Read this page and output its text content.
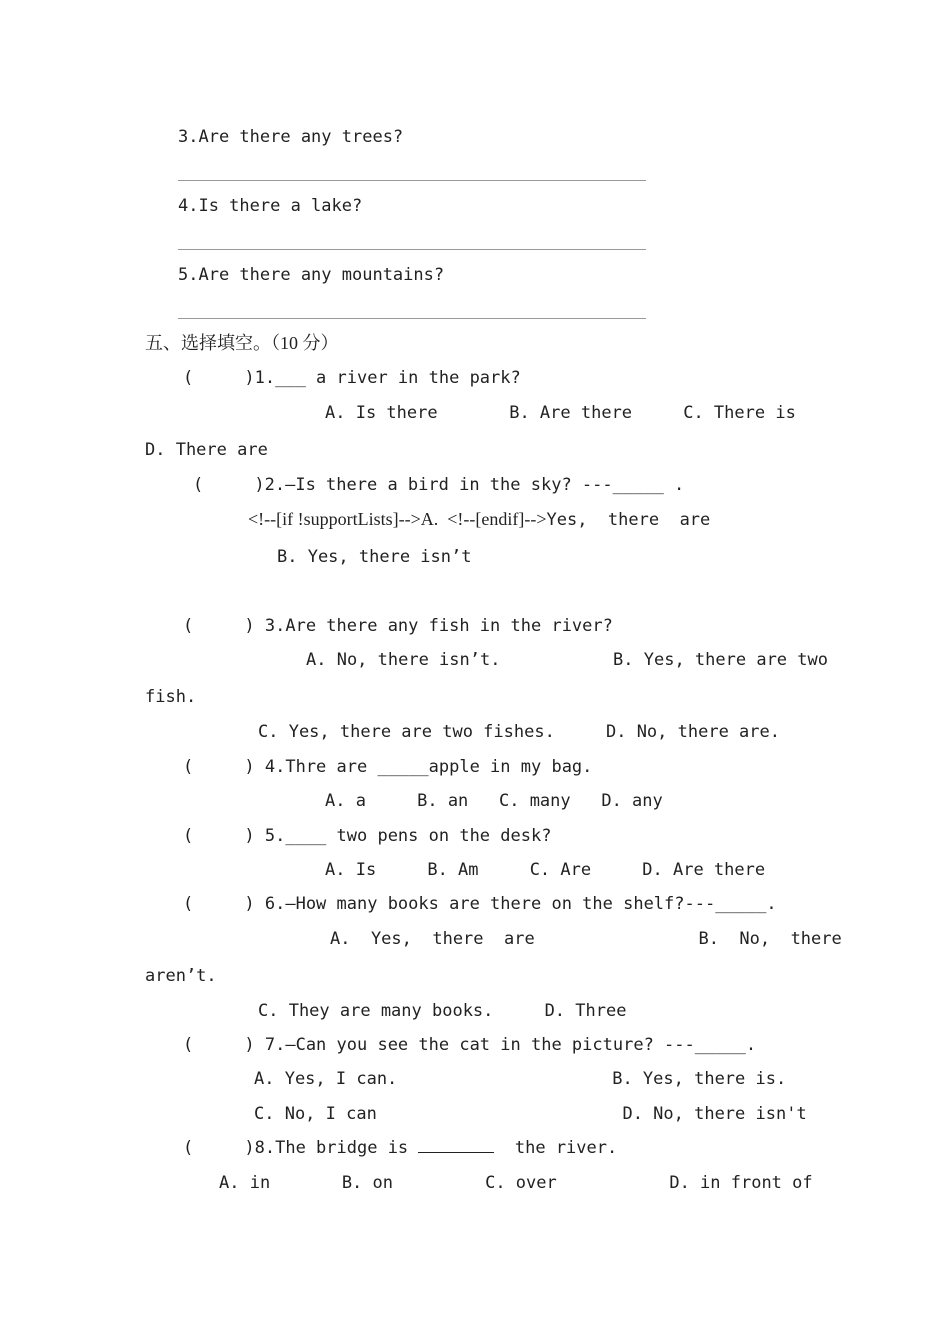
3.Are there any trees?
4.Is there a lake?
5.Are there any mountains?
五、选择填空。（10 分）
(     )1.___ a river in the park?
A. Is there       B. Are there     C. There is
D. There are
(     )2.—Is there a bird in the sky? ---_____ .
<!--[if !supportLists]-->A.  <!--[endif]-->Yes,  there  are
B. Yes, there isn’t
(     ) 3.Are there any fish in the river?
A. No, there isn’t.           B. Yes, there are two
fish.
C. Yes, there are two fishes.     D. No, there are.
(     ) 4.Thre are _____apple in my bag.
A. a     B. an   C. many   D. any
(     ) 5.____ two pens on the desk?
A. Is     B. Am     C. Are     D. Are there
(     ) 6.—How many books are there on the shelf?---_____.
A.  Yes,  there  are                B.  No,  there
aren’t.
C. They are many books.     D. Three
(     ) 7.—Can you see the cat in the picture? ---_____.
A. Yes, I can.                     B. Yes, there is.
C. No, I can                        D. No, there isn't
(     )8.The bridge is	the river.
A. in       B. on         C. over           D. in front of
